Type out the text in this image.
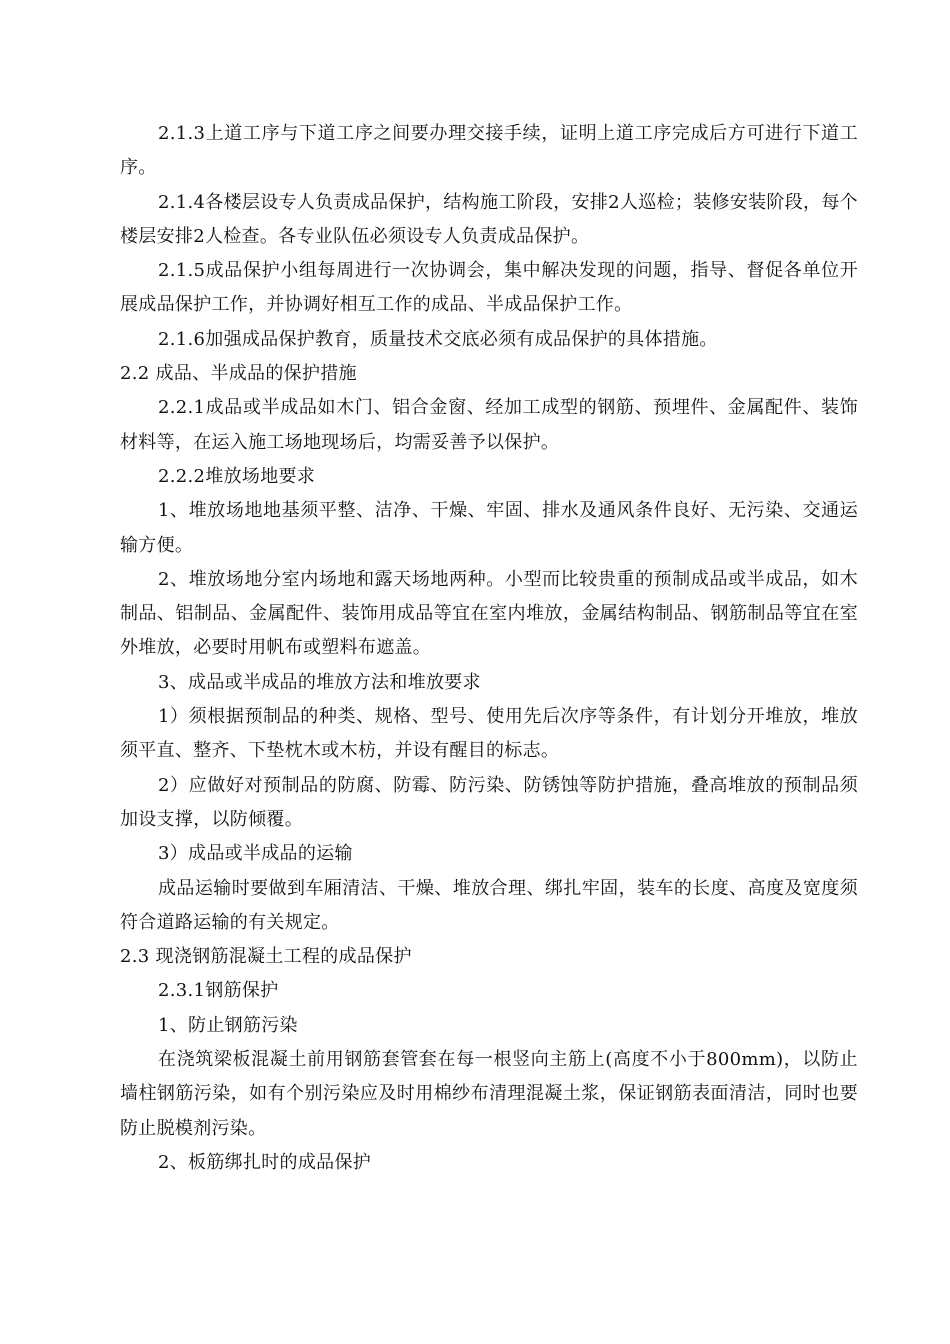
2.1.3上道工序与下道工序之间要办理交接手续，证明上道工序完成后方可进行下道工序。

2.1.4各楼层设专人负责成品保护，结构施工阶段，安排2人巡检；装修安装阶段，每个楼层安排2人检查。各专业队伍必须设专人负责成品保护。

2.1.5成品保护小组每周进行一次协调会，集中解决发现的问题，指导、督促各单位开展成品保护工作，并协调好相互工作的成品、半成品保护工作。

2.1.6加强成品保护教育，质量技术交底必须有成品保护的具体措施。

2.2 成品、半成品的保护措施

2.2.1成品或半成品如木门、铝合金窗、经加工成型的钢筋、预埋件、金属配件、装饰材料等，在运入施工场地现场后，均需妥善予以保护。

2.2.2堆放场地要求

1、堆放场地地基须平整、洁净、干燥、牢固、排水及通风条件良好、无污染、交通运输方便。

2、堆放场地分室内场地和露天场地两种。小型而比较贵重的预制成品或半成品，如木制品、铝制品、金属配件、装饰用成品等宜在室内堆放，金属结构制品、钢筋制品等宜在室外堆放，必要时用帆布或塑料布遮盖。

3、成品或半成品的堆放方法和堆放要求

1）须根据预制品的种类、规格、型号、使用先后次序等条件，有计划分开堆放，堆放须平直、整齐、下垫枕木或木枋，并设有醒目的标志。

2）应做好对预制品的防腐、防霉、防污染、防锈蚀等防护措施，叠高堆放的预制品须加设支撑，以防倾覆。

3）成品或半成品的运输

成品运输时要做到车厢清洁、干燥、堆放合理、绑扎牢固，装车的长度、高度及宽度须符合道路运输的有关规定。

2.3 现浇钢筋混凝土工程的成品保护

2.3.1钢筋保护

1、防止钢筋污染

在浇筑梁板混凝土前用钢筋套管套在每一根竖向主筋上(高度不小于800mm)，以防止墙柱钢筋污染，如有个别污染应及时用棉纱布清理混凝土浆，保证钢筋表面清洁，同时也要防止脱模剂污染。

2、板筋绑扎时的成品保护
